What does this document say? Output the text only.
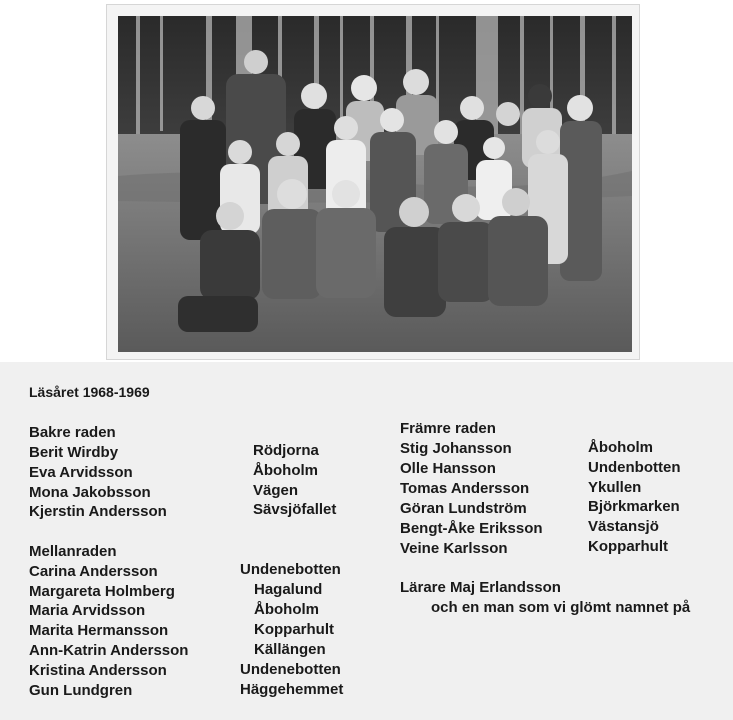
Läsåret 1968-1969
Bakre raden
Berit Wirdby
Eva Arvidsson
Mona Jakobsson
Kjerstin Andersson
Rödjorna
Åboholm
Vägen
Sävsjöfallet
Mellanraden
Carina Andersson
Margareta Holmberg
Maria Arvidsson
Marita Hermansson
Ann-Katrin Andersson
Kristina Andersson
Gun Lundgren
Undenebotten
Hagalund
Åboholm
Kopparhult
Källängen
Undenebotten
Häggehemmet
Främre raden
Stig Johansson
Olle Hansson
Tomas Andersson
Göran Lundström
Bengt-Åke Eriksson
Veine Karlsson
Åboholm
Undenbotten
Ykullen
Björkmarken
Västansjö
Kopparhult
Lärare Maj Erlandsson
och en man som vi glömt namnet på
